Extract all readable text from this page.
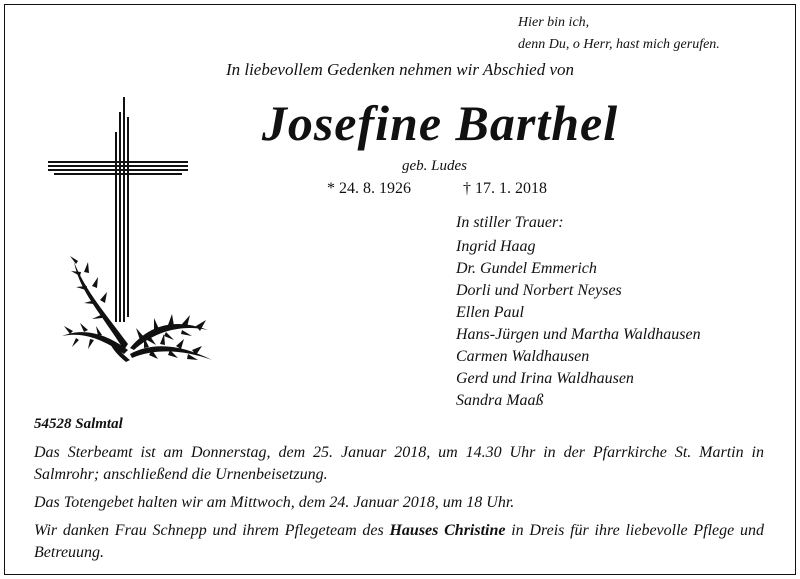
Hier bin ich,
denn Du, o Herr, hast mich gerufen.
In liebevollem Gedenken nehmen wir Abschied von
Josefine Barthel
geb. Ludes
* 24. 8. 1926	† 17. 1. 2018
In stiller Trauer:
Ingrid Haag
Dr. Gundel Emmerich
Dorli und Norbert Neyses
Ellen Paul
Hans-Jürgen und Martha Waldhausen
Carmen Waldhausen
Gerd und Irina Waldhausen
Sandra Maaß
54528 Salmtal

Das Sterbeamt ist am Donnerstag, dem 25. Januar 2018, um 14.30 Uhr in der Pfarrkirche St. Martin in Salmrohr; anschließend die Urnenbeisetzung.

Das Totengebet halten wir am Mittwoch, dem 24. Januar 2018, um 18 Uhr.

Wir danken Frau Schnepp und ihrem Pflegeteam des Hauses Christine in Dreis für ihre liebevolle Pflege und Betreuung.
